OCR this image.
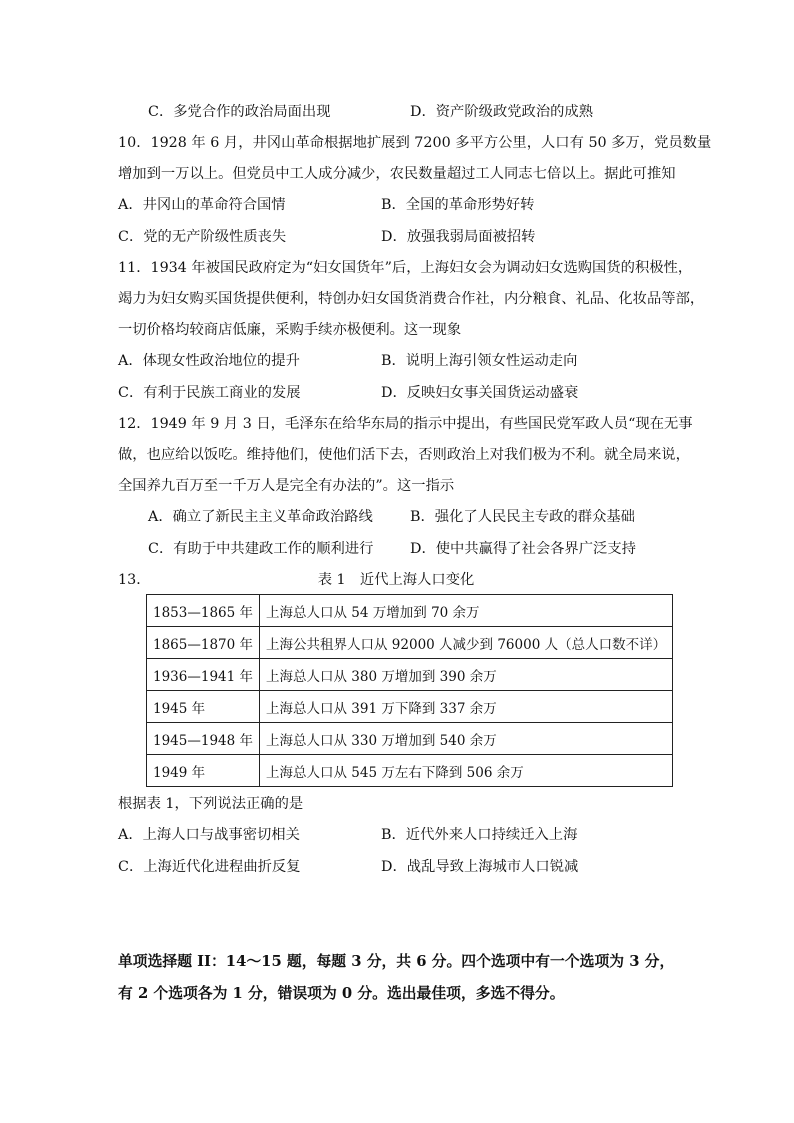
C．多党合作的政治局面出现	D．资产阶级政党政治的成熟
10．1928 年 6 月，井冈山革命根据地扩展到 7200 多平方公里，人口有 50 多万，党员数量
增加到一万以上。但党员中工人成分减少，农民数量超过工人同志七倍以上。据此可推知
A．井冈山的革命符合国情	B．全国的革命形势好转
C．党的无产阶级性质丧失	D．放强我弱局面被招转
11．1934 年被国民政府定为“妇女国货年”后，上海妇女会为调动妇女选购国货的积极性，
竭力为妇女购买国货提供便利，特创办妇女国货消费合作社，内分粮食、礼品、化妆品等部，
一切价格均较商店低廉，采购手续亦极便利。这一现象
A．体现女性政治地位的提升	B．说明上海引领女性运动走向
C．有利于民族工商业的发展	D．反映妇女事关国货运动盛衰
12．1949 年 9 月 3 日，毛泽东在给华东局的指示中提出，有些国民党军政人员“现在无事
做，也应给以饭吃。维持他们，使他们活下去，否则政治上对我们极为不利。就全局来说，
全国养九百万至一千万人是完全有办法的”。这一指示
A．确立了新民主主义革命政治路线	B．强化了人民民主专政的群众基础
C．有助于中共建政工作的顺利进行	D．使中共赢得了社会各界广泛支持
13．	表 1　近代上海人口变化
1853—1865 年	上海总人口从 54 万增加到 70 余万
1865—1870 年	上海公共租界人口从 92000 人减少到 76000 人（总人口数不详）
1936—1941 年	上海总人口从 380 万增加到 390 余万
1945 年	上海总人口从 391 万下降到 337 余万
1945—1948 年	上海总人口从 330 万增加到 540 余万
1949 年	上海总人口从 545 万左右下降到 506 余万
根据表 1，下列说法正确的是
A．上海人口与战事密切相关	B．近代外来人口持续迁入上海
C．上海近代化进程曲折反复	D．战乱导致上海城市人口锐减
单项选择题 II：14～15 题，每题 3 分，共 6 分。四个选项中有一个选项为 3 分，
有 2 个选项各为 1 分，错误项为 0 分。选出最佳项，多选不得分。
